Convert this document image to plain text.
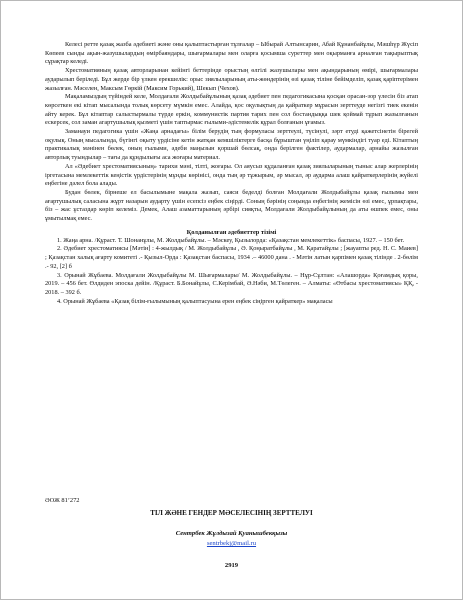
Келесі ретте қазақ жазба әдебиеті және оны қалыптастырған тұлғалар – Ыбырай Алтынсарин, Абай Құнанбайұлы, Мәшһүр Жүсіп Көпеев сынды ақын-жазушылардың өмірбаяндары, шығармалары мен оларға қосымша суреттер мен оқырманға арналған тақырыптық сұрақтар келеді.

Хрестоматияның қазақ авторларынан кейінгі беттерінде орыстың өлгілі жазушылары мен ақындарының өмірі, шығармалары аударылып беріледі. Бұл жерде бір үлкен ерекшелік: орыс зиялыларының аты-жөндерінің өзі қазақ тіліне бейімделіп, қазақ қаріптерімен жазылған. Мәселен, Максым Гөркій (Максим Горький), Шекып (Чехов).

Мақаламыздың түйіндей келе, Молдағали Жолдыбайұлының қазақ әдебиет пен педагогикасына қосқан орасан-зор үлесін біз атап көрсеткен екі кітап мысалында толық көрсету мүмкін емес. Алайда, қос оқулықтың да қайраткер мұрасын зерттеуде негізгі тиек екенін айту керек. Бұл кітаптар салыстырмалы түрде еркін, коммунистік партия тарих пен сол бостандыққа шек қоймай тұрып жазылғанын ескерсек, сол заман агартушылық қызметі үшін таптырмас ғылыми-әдістемелік құрал болғанын ұғамыз.

Заманауи педагогика үшін «Жаңа арнадағы» білім берудің тың формуласы зерттеулі, түсінулі, зәрт етуді қажетсінетін бірегей оқулық. Оның мысалында, бүгінгі оқыту үрдісіне кетін жатқан кемшіліктерге басқа бұрыштан үңіліп қарау мүмкіндігі туар еді. Кітаптың практикалық мәнінен бөлек, оның ғылыми, әдеби маңызын қоршай бөлсақ, онда берілген фактілер, аудармалар, арнайы жазылған авторлық туындылар – тағы да құндылығы аса жоғары материал.

Ал «Әдебиет хрестоматиясының» тарихи мәні, тілті, жоғары. Ол аяусыз құдаланған қазақ зиялыларының тыныс алар жерлерінің іргетасына мемлекеттік кеңістік үрдістерінің мұнды көрінісі, онда тың әр тұжырым, әр мысал, әр аударма алаш қайраткерлерінің жүйелі еңбегіне дәлел бола алады.

Будан бөлек, бірнеше ел басылымыне мақала жазып, саяси беделді болған Молдағали Жолдыбайұлы қазақ ғылымы мен ағартушылық саласына жұрт назарын аударту үшін есепсіз еңбек сіңірді. Соның бәрінің соңында еңбегінің жемісін өзі емес, ұрпақтары, біз – жас ұстаздар көріп келеміз. Демек, Алаш азаматтарының әрбірі сияқты, Молдағали Жолдыбайұлының да аты өшпек емес, оны ұмытылмақ емес.

Қолданылған әдебиеттер тізімі
1. Жаңа арна. /Құраст. Т. Шонанұлы, М. Жолдыбайұлы. – Мәскеу, Қызылорда: «Қазақстан мемлекеттік» баспасы, 1927. – 150 бет.
2. Әдебиет хрестоматиясы [Мәтін] : 4-жылдық / М. Жолдыбайұлы , Ә. Қоңыратбайұлы , М. Қаратайұлы ; [жауапты ред. Н. С. Маиев] ; Қазақстан халық ағарту комитеті .- Қызыл-Орда : Қазақстан баспасы, 1934 .– 46000 дана . - Мәтін латын қарпімен қазақ тілінде . 2-бөлім .- 92, [2] б
3. Орынай Жұбаева. Молдағали Жолдыбайұлы М. Шығармалары/ М. Жолдыбайұлы. – Нұр-Сұлтан: «Алашорда» Қоғамдық қоры, 2019. – 456 бет. Өлдиден эпоска дейін. /Құраст. Б.Бонайұлы, С.Керімбай, Ә.Нәби, М.Төлеген. – Алматы: «Өтбасы хрестоматиясы» ҚҚ, - 2018. – 392 б.
4. Орынай Жұбаева «Қазақ білім-ғылымының қалыптасуына ерен еңбек сіңірген қайраткер» мақаласы
ӘОЖ 81’272
ТІЛ ЖӘНЕ ГЕНДЕР МӘСЕЛЕСІНІҢ ЗЕРТТЕЛУІ
Сентрбек Жұлдызай Қуанышбекқызы
sentrbekj@mail.ru
2919
